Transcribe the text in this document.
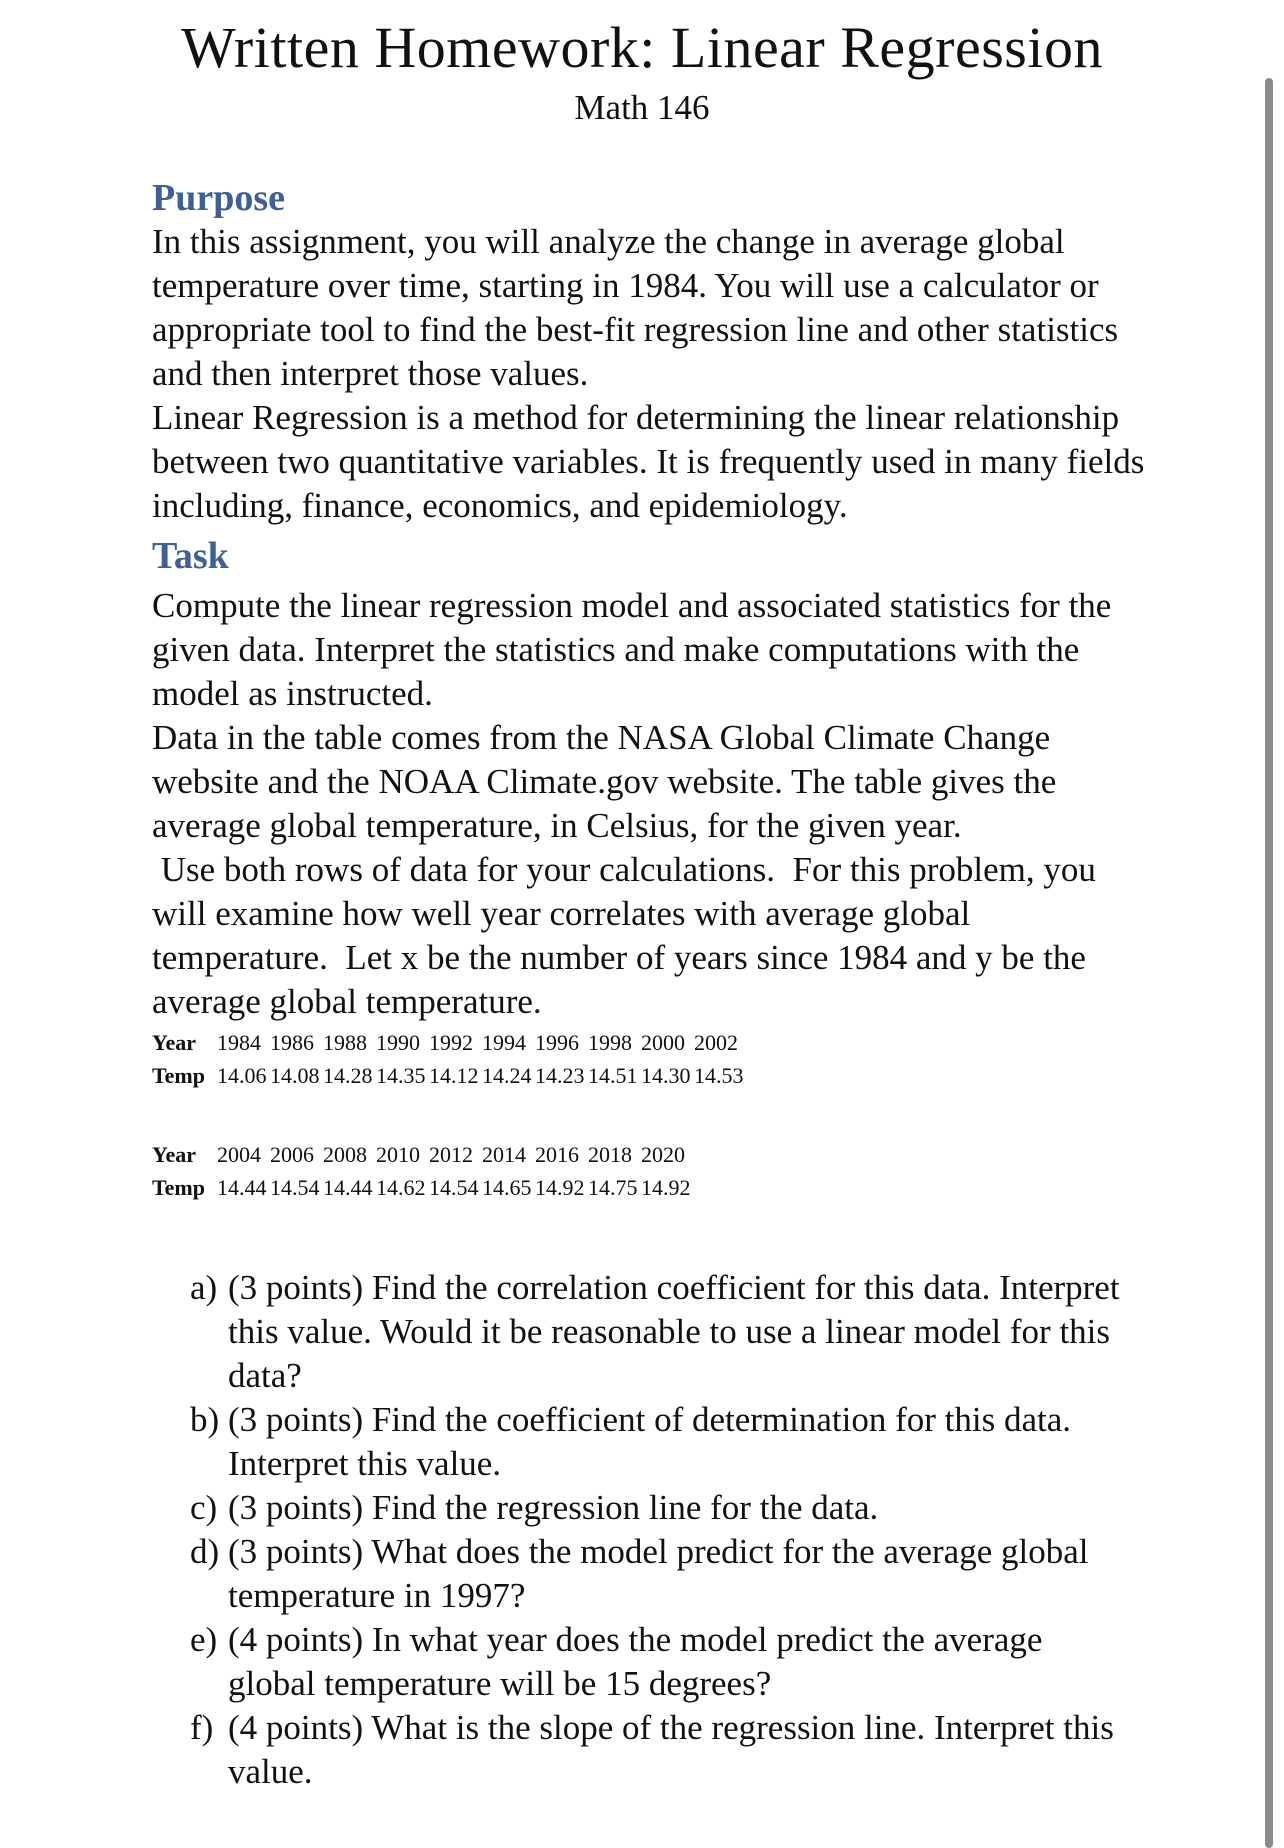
Written Homework: Linear Regression
Math 146
Purpose

In this assignment, you will analyze the change in average global temperature over time, starting in 1984. You will use a calculator or appropriate tool to find the best-fit regression line and other statistics and then interpret those values.

Linear Regression is a method for determining the linear relationship between two quantitative variables. It is frequently used in many fields including, finance, economics, and epidemiology.

Task

Compute the linear regression model and associated statistics for the given data. Interpret the statistics and make computations with the model as instructed.

Data in the table comes from the NASA Global Climate Change website and the NOAA Climate.gov website. The table gives the average global temperature, in Celsius, for the given year.

Use both rows of data for your calculations.  For this problem, you will examine how well year correlates with average global temperature.  Let x be the number of years since 1984 and y be the average global temperature.

Year	1984	1986	1988	1990	1992	1994	1996	1998	2000	2002
Temp	14.06	14.08	14.28	14.35	14.12	14.24	14.23	14.51	14.30	14.53
Year	2004	2006	2008	2010	2012	2014	2016	2018	2020
Temp	14.44	14.54	14.44	14.62	14.54	14.65	14.92	14.75	14.92
a) (3 points) Find the correlation coefficient for this data. Interpret this value. Would it be reasonable to use a linear model for this data?
b) (3 points) Find the coefficient of determination for this data. Interpret this value.
c) (3 points) Find the regression line for the data.
d) (3 points) What does the model predict for the average global temperature in 1997?
e) (4 points) In what year does the model predict the average global temperature will be 15 degrees?
f) (4 points) What is the slope of the regression line. Interpret this value.
